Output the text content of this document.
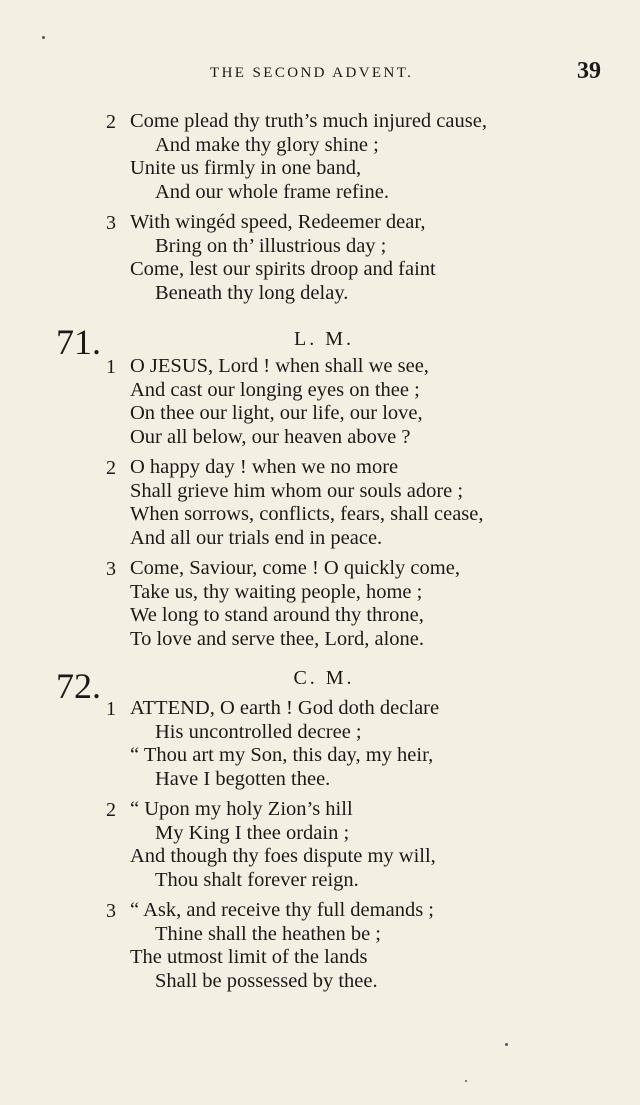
THE SECOND ADVENT.	39
2 Come plead thy truth’s much injured cause,
And make thy glory shine ;
Unite us firmly in one band,
And our whole frame refine.
3 With wingéd speed, Redeemer dear,
Bring on th’ illustrious day ;
Come, lest our spirits droop and faint
Beneath thy long delay.
71.	L. M.
1 O JESUS, Lord ! when shall we see,
And cast our longing eyes on thee ;
On thee our light, our life, our love,
Our all below, our heaven above ?
2 O happy day ! when we no more
Shall grieve him whom our souls adore ;
When sorrows, conflicts, fears, shall cease,
And all our trials end in peace.
3 Come, Saviour, come ! O quickly come,
Take us, thy waiting people, home ;
We long to stand around thy throne,
To love and serve thee, Lord, alone.
72.	C. M.
1 ATTEND, O earth ! God doth declare
His uncontrolled decree ;
“ Thou art my Son, this day, my heir,
Have I begotten thee.
2 “ Upon my holy Zion’s hill
My King I thee ordain ;
And though thy foes dispute my will,
Thou shalt forever reign.
3 “ Ask, and receive thy full demands ;
Thine shall the heathen be ;
The utmost limit of the lands
Shall be possessed by thee.
